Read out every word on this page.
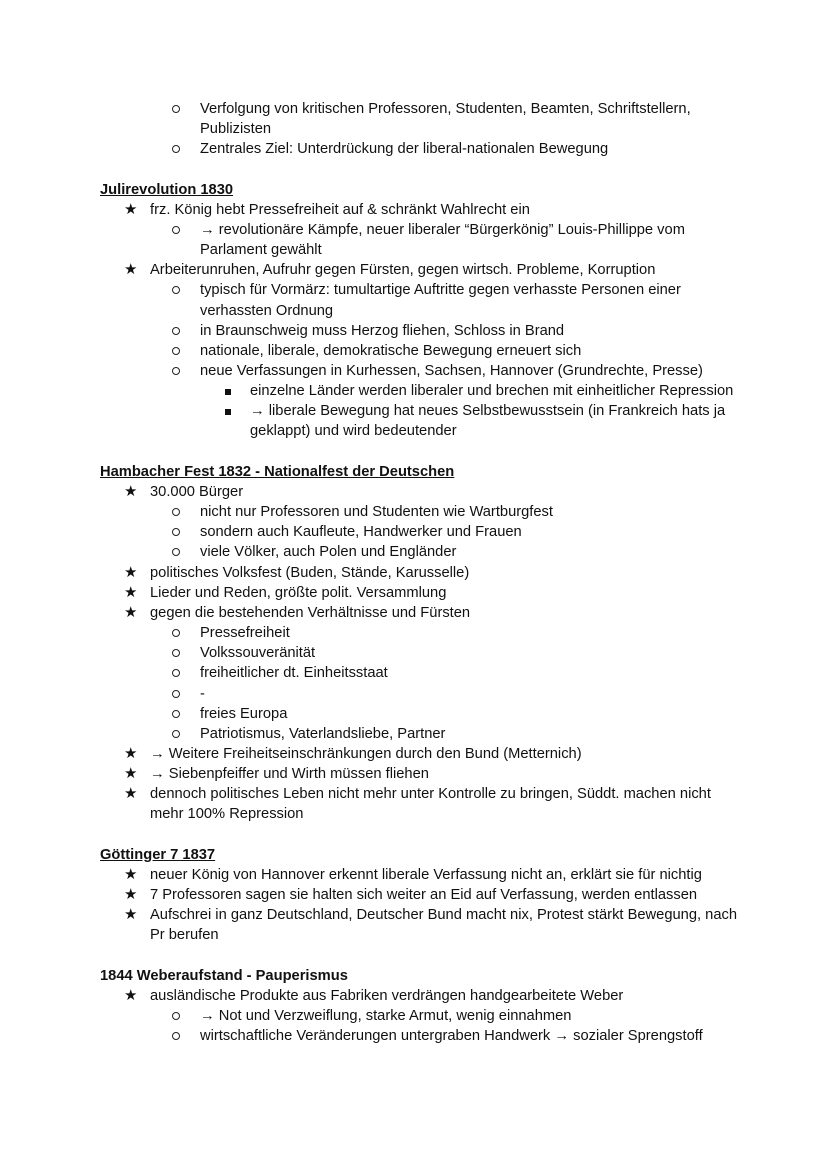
Verfolgung von kritischen Professoren, Studenten, Beamten, Schriftstellern, Publizisten
Zentrales Ziel: Unterdrückung der liberal-nationalen Bewegung
Julirevolution 1830
★ frz. König hebt Pressefreiheit auf & schränkt Wahlrecht ein
→ revolutionäre Kämpfe, neuer liberaler “Bürgerkönig” Louis-Phillippe vom Parlament gewählt
★ Arbeiterunruhen, Aufruhr gegen Fürsten, gegen wirtsch. Probleme, Korruption
typisch für Vormärz: tumultartige Auftritte gegen verhasste Personen einer verhassten Ordnung
in Braunschweig muss Herzog fliehen, Schloss in Brand
nationale, liberale, demokratische Bewegung erneuert sich
neue Verfassungen in Kurhessen, Sachsen, Hannover (Grundrechte, Presse)
einzelne Länder werden liberaler und brechen mit einheitlicher Repression
→ liberale Bewegung hat neues Selbstbewusstsein (in Frankreich hats ja geklappt) und wird bedeutender
Hambacher Fest 1832 - Nationalfest der Deutschen
★ 30.000 Bürger
nicht nur Professoren und Studenten wie Wartburgfest
sondern auch Kaufleute, Handwerker und Frauen
viele Völker, auch Polen und Engländer
★ politisches Volksfest (Buden, Stände, Karusselle)
★ Lieder und Reden, größte polit. Versammlung
★ gegen die bestehenden Verhältnisse und Fürsten
Pressefreiheit
Volkssouveränität
freiheitlicher dt. Einheitsstaat
-
freies Europa
Patriotismus, Vaterlandsliebe, Partner
★ → Weitere Freiheitseinschränkungen durch den Bund (Metternich)
★ → Siebenpfeiffer und Wirth müssen fliehen
★ dennoch politisches Leben nicht mehr unter Kontrolle zu bringen, Süddt. machen nicht mehr 100% Repression
Göttinger 7 1837
★ neuer König von Hannover erkennt liberale Verfassung nicht an, erklärt sie für nichtig
★ 7 Professoren sagen sie halten sich weiter an Eid auf Verfassung, werden entlassen
★ Aufschrei in ganz Deutschland, Deutscher Bund macht nix, Protest stärkt Bewegung, nach Pr berufen
1844 Weberaufstand - Pauperismus
★ ausländische Produkte aus Fabriken verdrängen handgearbeitete Weber
→ Not und Verzweiflung, starke Armut, wenig einnahmen
wirtschaftliche Veränderungen untergraben Handwerk → sozialer Sprengstoff
